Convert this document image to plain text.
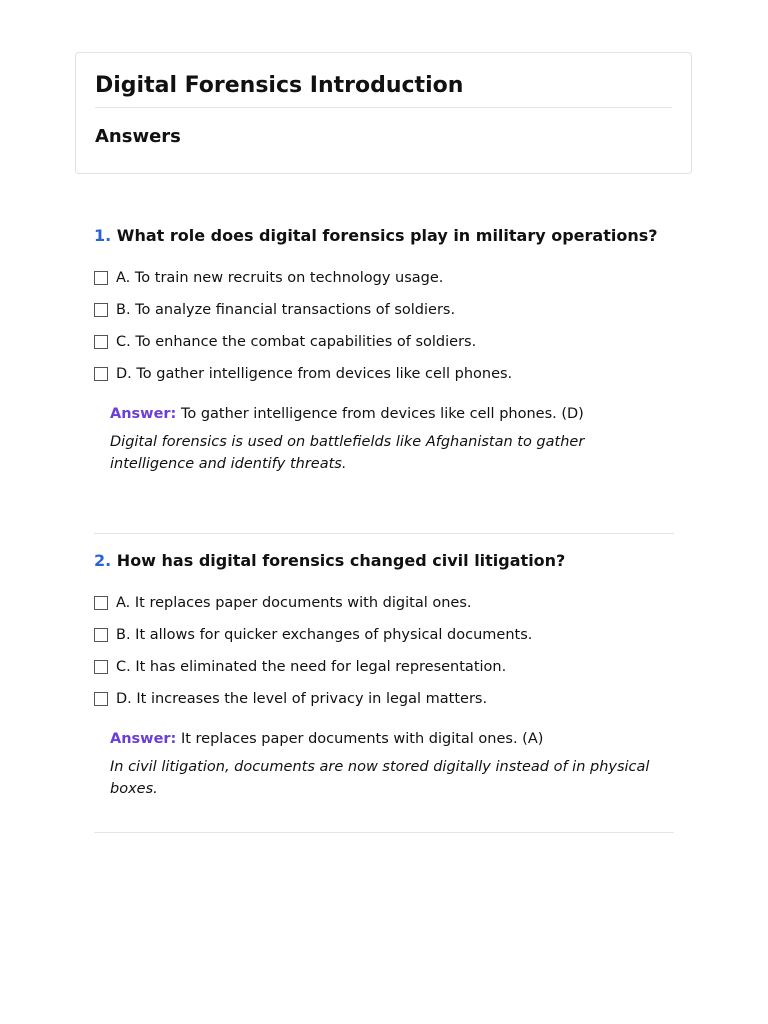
Digital Forensics Introduction
Answers

1. What role does digital forensics play in military operations?

A. To train new recruits on technology usage.
B. To analyze financial transactions of soldiers.
C. To enhance the combat capabilities of soldiers.
D. To gather intelligence from devices like cell phones.
Answer: To gather intelligence from devices like cell phones. (D)
Digital forensics is used on battlefields like Afghanistan to gather intelligence and identify threats.

2. How has digital forensics changed civil litigation?

A. It replaces paper documents with digital ones.
B. It allows for quicker exchanges of physical documents.
C. It has eliminated the need for legal representation.
D. It increases the level of privacy in legal matters.
Answer: It replaces paper documents with digital ones. (A)
In civil litigation, documents are now stored digitally instead of in physical boxes.
